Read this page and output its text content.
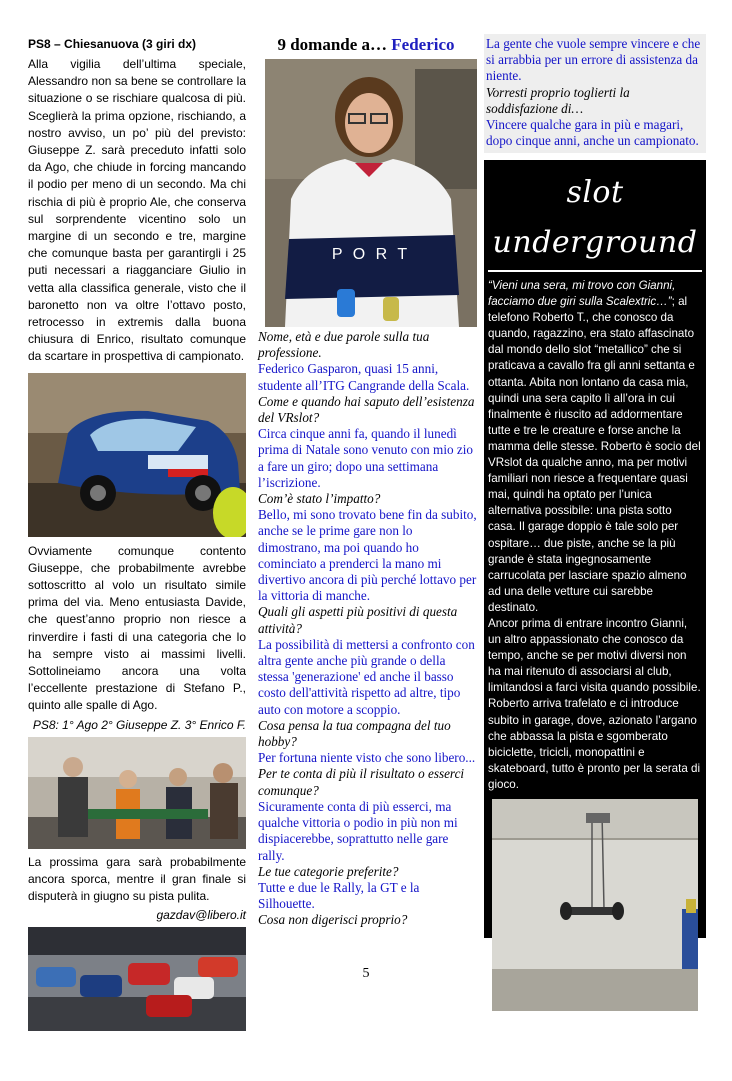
PS8 – Chiesanuova (3 giri dx)

Alla vigilia dell’ultima speciale, Alessandro non sa bene se controllare la situazione o se rischiare qualcosa di più. Sceglierà la prima opzione, rischiando, a nostro avviso, un po’ più del previsto: Giuseppe Z. sarà preceduto infatti solo da Ago, che chiude in forcing mancando il podio per meno di un secondo. Ma chi rischia di più è proprio Ale, che conserva sul sorprendente vicentino solo un margine di un secondo e tre, margine che comunque basta per garantirgli i 25 puti necessari a riagganciare Giulio in vetta alla classifica generale, visto che il baronetto non va oltre l’ottavo posto, retrocesso in extremis dalla buona chiusura di Enrico, risultato comunque da scartare in prospettiva di campionato.

Ovviamente comunque contento Giuseppe, che probabilmente avrebbe sottoscritto al volo un risultato simile prima del via. Meno entusiasta Davide, che quest’anno proprio non riesce a rinverdire i fasti di una categoria che lo ha sempre visto ai massimi livelli. Sottolineiamo ancora una volta l’eccellente prestazione di Stefano P., quinto alle spalle di Ago.

PS8: 1° Ago 2° Giuseppe Z. 3° Enrico F.

La prossima gara sarà probabilmente ancora sporca, mentre il gran finale si disputerà in giugno su pista pulita.

gazdav@libero.it

9 domande a… Federico

P O R T

Nome, età e due parole sulla tua professione.

Federico Gasparon, quasi 15 anni, studente all’ITG Cangrande della Scala.

Come e quando hai saputo dell’esistenza del VRslot?

Circa cinque anni fa, quando il lunedì prima di Natale sono venuto con mio zio a fare un giro; dopo una settimana l’iscrizione.

Com’è stato l’impatto?

Bello, mi sono trovato bene fin da subito, anche se le prime gare non lo dimostrano, ma poi quando ho cominciato a prenderci la mano mi divertivo ancora di più perché lottavo per la vittoria di manche.

Quali gli aspetti più positivi di questa attività?

La possibilità di mettersi a confronto con altra gente anche più grande o della stessa 'generazione' ed anche il basso costo dell'attività rispetto ad altre, tipo auto con motore a scoppio.

Cosa pensa la tua compagna del tuo hobby?

Per fortuna niente visto che sono libero...

Per te conta di più il risultato o esserci comunque?

Sicuramente conta di più esserci, ma qualche vittoria o podio in più non mi dispiacerebbe, soprattutto nelle gare rally.

Le tue categorie preferite?

Tutte e due le Rally, la GT e la Silhouette.

Cosa non digerisci proprio?

La gente che vuole sempre vincere e che si arrabbia per un errore di assistenza da niente.

Vorresti proprio toglierti la soddisfazione di…

Vincere qualche gara in più e magari, dopo cinque anni, anche un campionato.

slot underground

“Vieni una sera, mi trovo con Gianni, facciamo due giri sulla Scalextric…”; al telefono Roberto T., che conosco da quando, ragazzino, era stato affascinato dal mondo dello slot “metallico” che si praticava a cavallo fra gli anni settanta e ottanta. Abita non lontano da casa mia, quindi una sera capito lì all’ora in cui finalmente è riuscito ad addormentare tutte e tre le creature e forse anche la mamma delle stesse. Roberto è socio del VRslot da qualche anno, ma per motivi familiari non riesce a frequentare quasi mai, quindi ha optato per l’unica alternativa possibile: una pista sotto casa. Il garage doppio è tale solo per ospitare… due piste, anche se la più grande è stata ingegnosamente carrucolata per lasciare spazio almeno ad una delle vetture cui sarebbe destinato.

Ancor prima di entrare incontro Gianni, un altro appassionato che conosco da tempo, anche se per motivi diversi non ha mai ritenuto di associarsi al club, limitandosi a farci visita quando possibile. Roberto arriva trafelato e ci introduce subito in garage, dove, azionato l’argano che abbassa la pista e sgomberato biciclette, tricicli, monopattini e skateboard, tutto è pronto per la serata di gioco.

La Scalextric Sport a due corsie mi è nota quantomeno per averla disegnata qualche tempo fa, e per aver rimediato a qualche

5
